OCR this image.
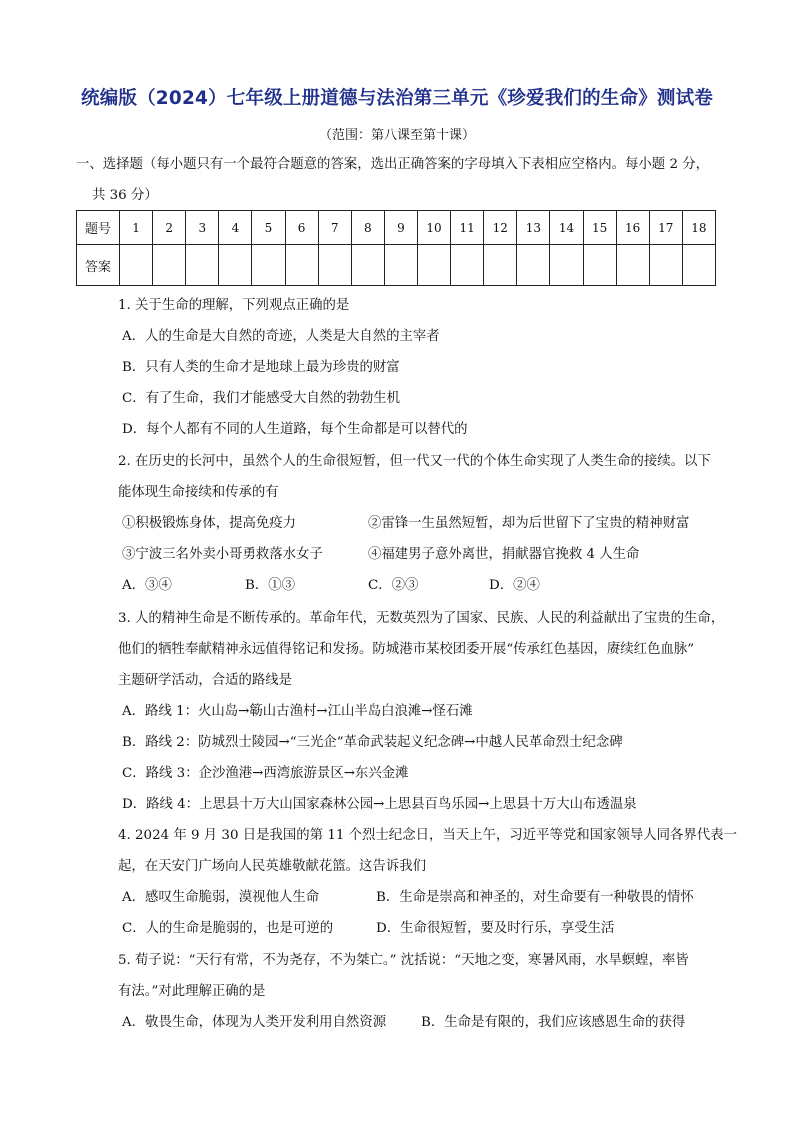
统编版（2024）七年级上册道德与法治第三单元《珍爱我们的生命》测试卷
（范围：第八课至第十课）
一、选择题（每小题只有一个最符合题意的答案，选出正确答案的字母填入下表相应空格内。每小题 2 分，
共 36 分）
题号	1	2	3	4	5	6	7	8	9	10	11	12	13	14	15	16	17	18
答案																		
1. 关于生命的理解，下列观点正确的是
A．人的生命是大自然的奇迹，人类是大自然的主宰者
B．只有人类的生命才是地球上最为珍贵的财富
C．有了生命，我们才能感受大自然的勃勃生机
D．每个人都有不同的人生道路，每个生命都是可以替代的
2. 在历史的长河中，虽然个人的生命很短暂，但一代又一代的个体生命实现了人类生命的接续。以下
能体现生命接续和传承的有
①积极锻炼身体，提高免疫力	②雷锋一生虽然短暂，却为后世留下了宝贵的精神财富
③宁波三名外卖小哥勇救落水女子	④福建男子意外离世，捐献器官挽救 4 人生命
A．③④	B．①③	C．②③	D．②④
3. 人的精神生命是不断传承的。革命年代，无数英烈为了国家、民族、人民的利益献出了宝贵的生命，
他们的牺牲奉献精神永远值得铭记和发扬。防城港市某校团委开展“传承红色基因，赓续红色血脉”
主题研学活动，合适的路线是
A．路线 1：火山岛→簕山古渔村→江山半岛白浪滩→怪石滩
B．路线 2：防城烈士陵园→“三光企”革命武装起义纪念碑→中越人民革命烈士纪念碑
C．路线 3：企沙渔港→西湾旅游景区→东兴金滩
D．路线 4：上思县十万大山国家森林公园→上思县百鸟乐园→上思县十万大山布透温泉
4. 2024 年 9 月 30 日是我国的第 11 个烈士纪念日，当天上午，习近平等党和国家领导人同各界代表一
起，在天安门广场向人民英雄敬献花篮。这告诉我们
A．感叹生命脆弱，漠视他人生命	B．生命是崇高和神圣的，对生命要有一种敬畏的情怀
C．人的生命是脆弱的，也是可逆的	D．生命很短暂，要及时行乐，享受生活
5. 荀子说：“天行有常，不为尧存，不为桀亡。” 沈括说：“天地之变，寒暑风雨，水旱螟蝗，率皆
有法。”对此理解正确的是
A．敬畏生命，体现为人类开发利用自然资源	B．生命是有限的，我们应该感恩生命的获得
